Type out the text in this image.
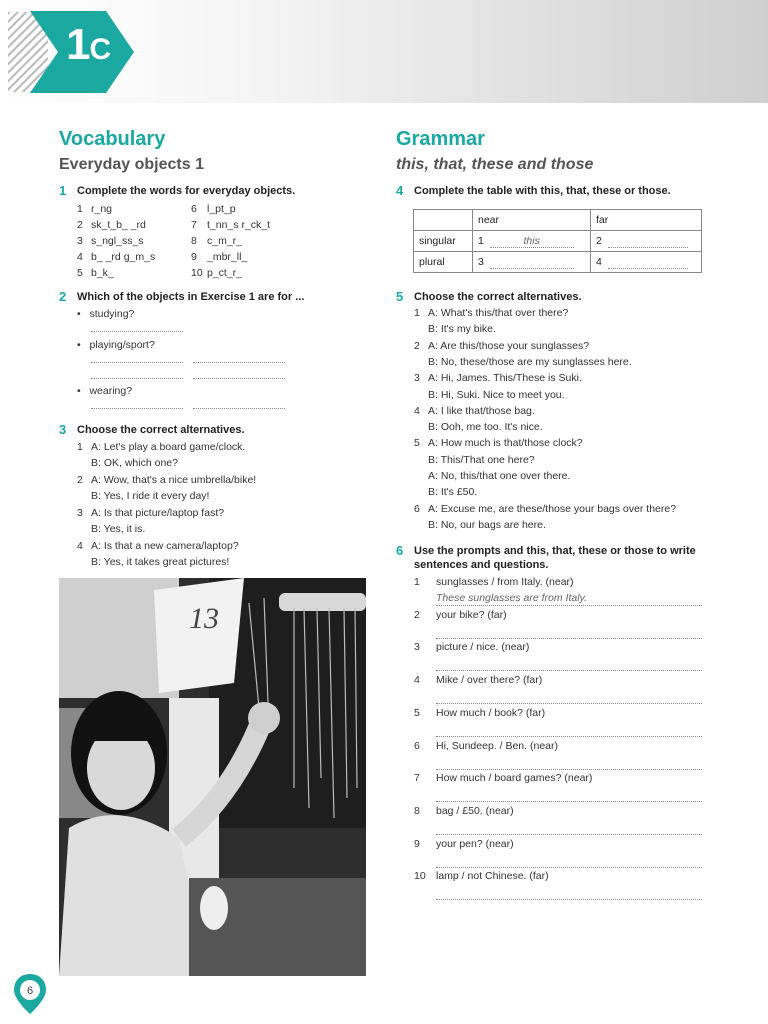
1C
Vocabulary
Everyday objects 1
1 Complete the words for everyday objects.
1 r_ng
2 sk_t_b_ _rd
3 s_ngl_ss_s
4 b_ _rd g_m_s
5 b_k_
6 l_pt_p
7 t_nn_s r_ck_t
8 c_m_r_
9 _mbr_ll_
10 p_ct_r_
2 Which of the objects in Exercise 1 are for ...
•   studying?
•   playing/sport?
•   wearing?
3 Choose the correct alternatives.
1 A: Let's play a board game/clock.
B: OK, which one?
2 A: Wow, that's a nice umbrella/bike!
B: Yes, I ride it every day!
3 A: Is that picture/laptop fast?
B: Yes, it is.
4 A: Is that a new camera/laptop?
B: Yes, it takes great pictures!
13
Grammar
this, that, these and those
4 Complete the table with this, that, these or those.
	near	far
singular	1 this	2
plural	3	4
5 Choose the correct alternatives.
1 A: What's this/that over there?
B: It's my bike.
2 A: Are this/those your sunglasses?
B: No, these/those are my sunglasses here.
3 A: Hi, James. This/These is Suki.
B: Hi, Suki. Nice to meet you.
4 A: I like that/those bag.
B: Ooh, me too. It's nice.
5 A: How much is that/those clock?
B: This/That one here?
A: No, this/that one over there.
B: It's £50.
6 A: Excuse me, are these/those your bags over there?
B: No, our bags are here.
6 Use the prompts and this, that, these or those to write
sentences and questions.
1 sunglasses / from Italy. (near)
These sunglasses are from Italy.
2 your bike? (far)
3 picture / nice. (near)
4 Mike / over there? (far)
5 How much / book? (far)
6 Hi, Sundeep. / Ben. (near)
7 How much / board games? (near)
8 bag / £50. (near)
9 your pen? (near)
10 lamp / not Chinese. (far)
6
